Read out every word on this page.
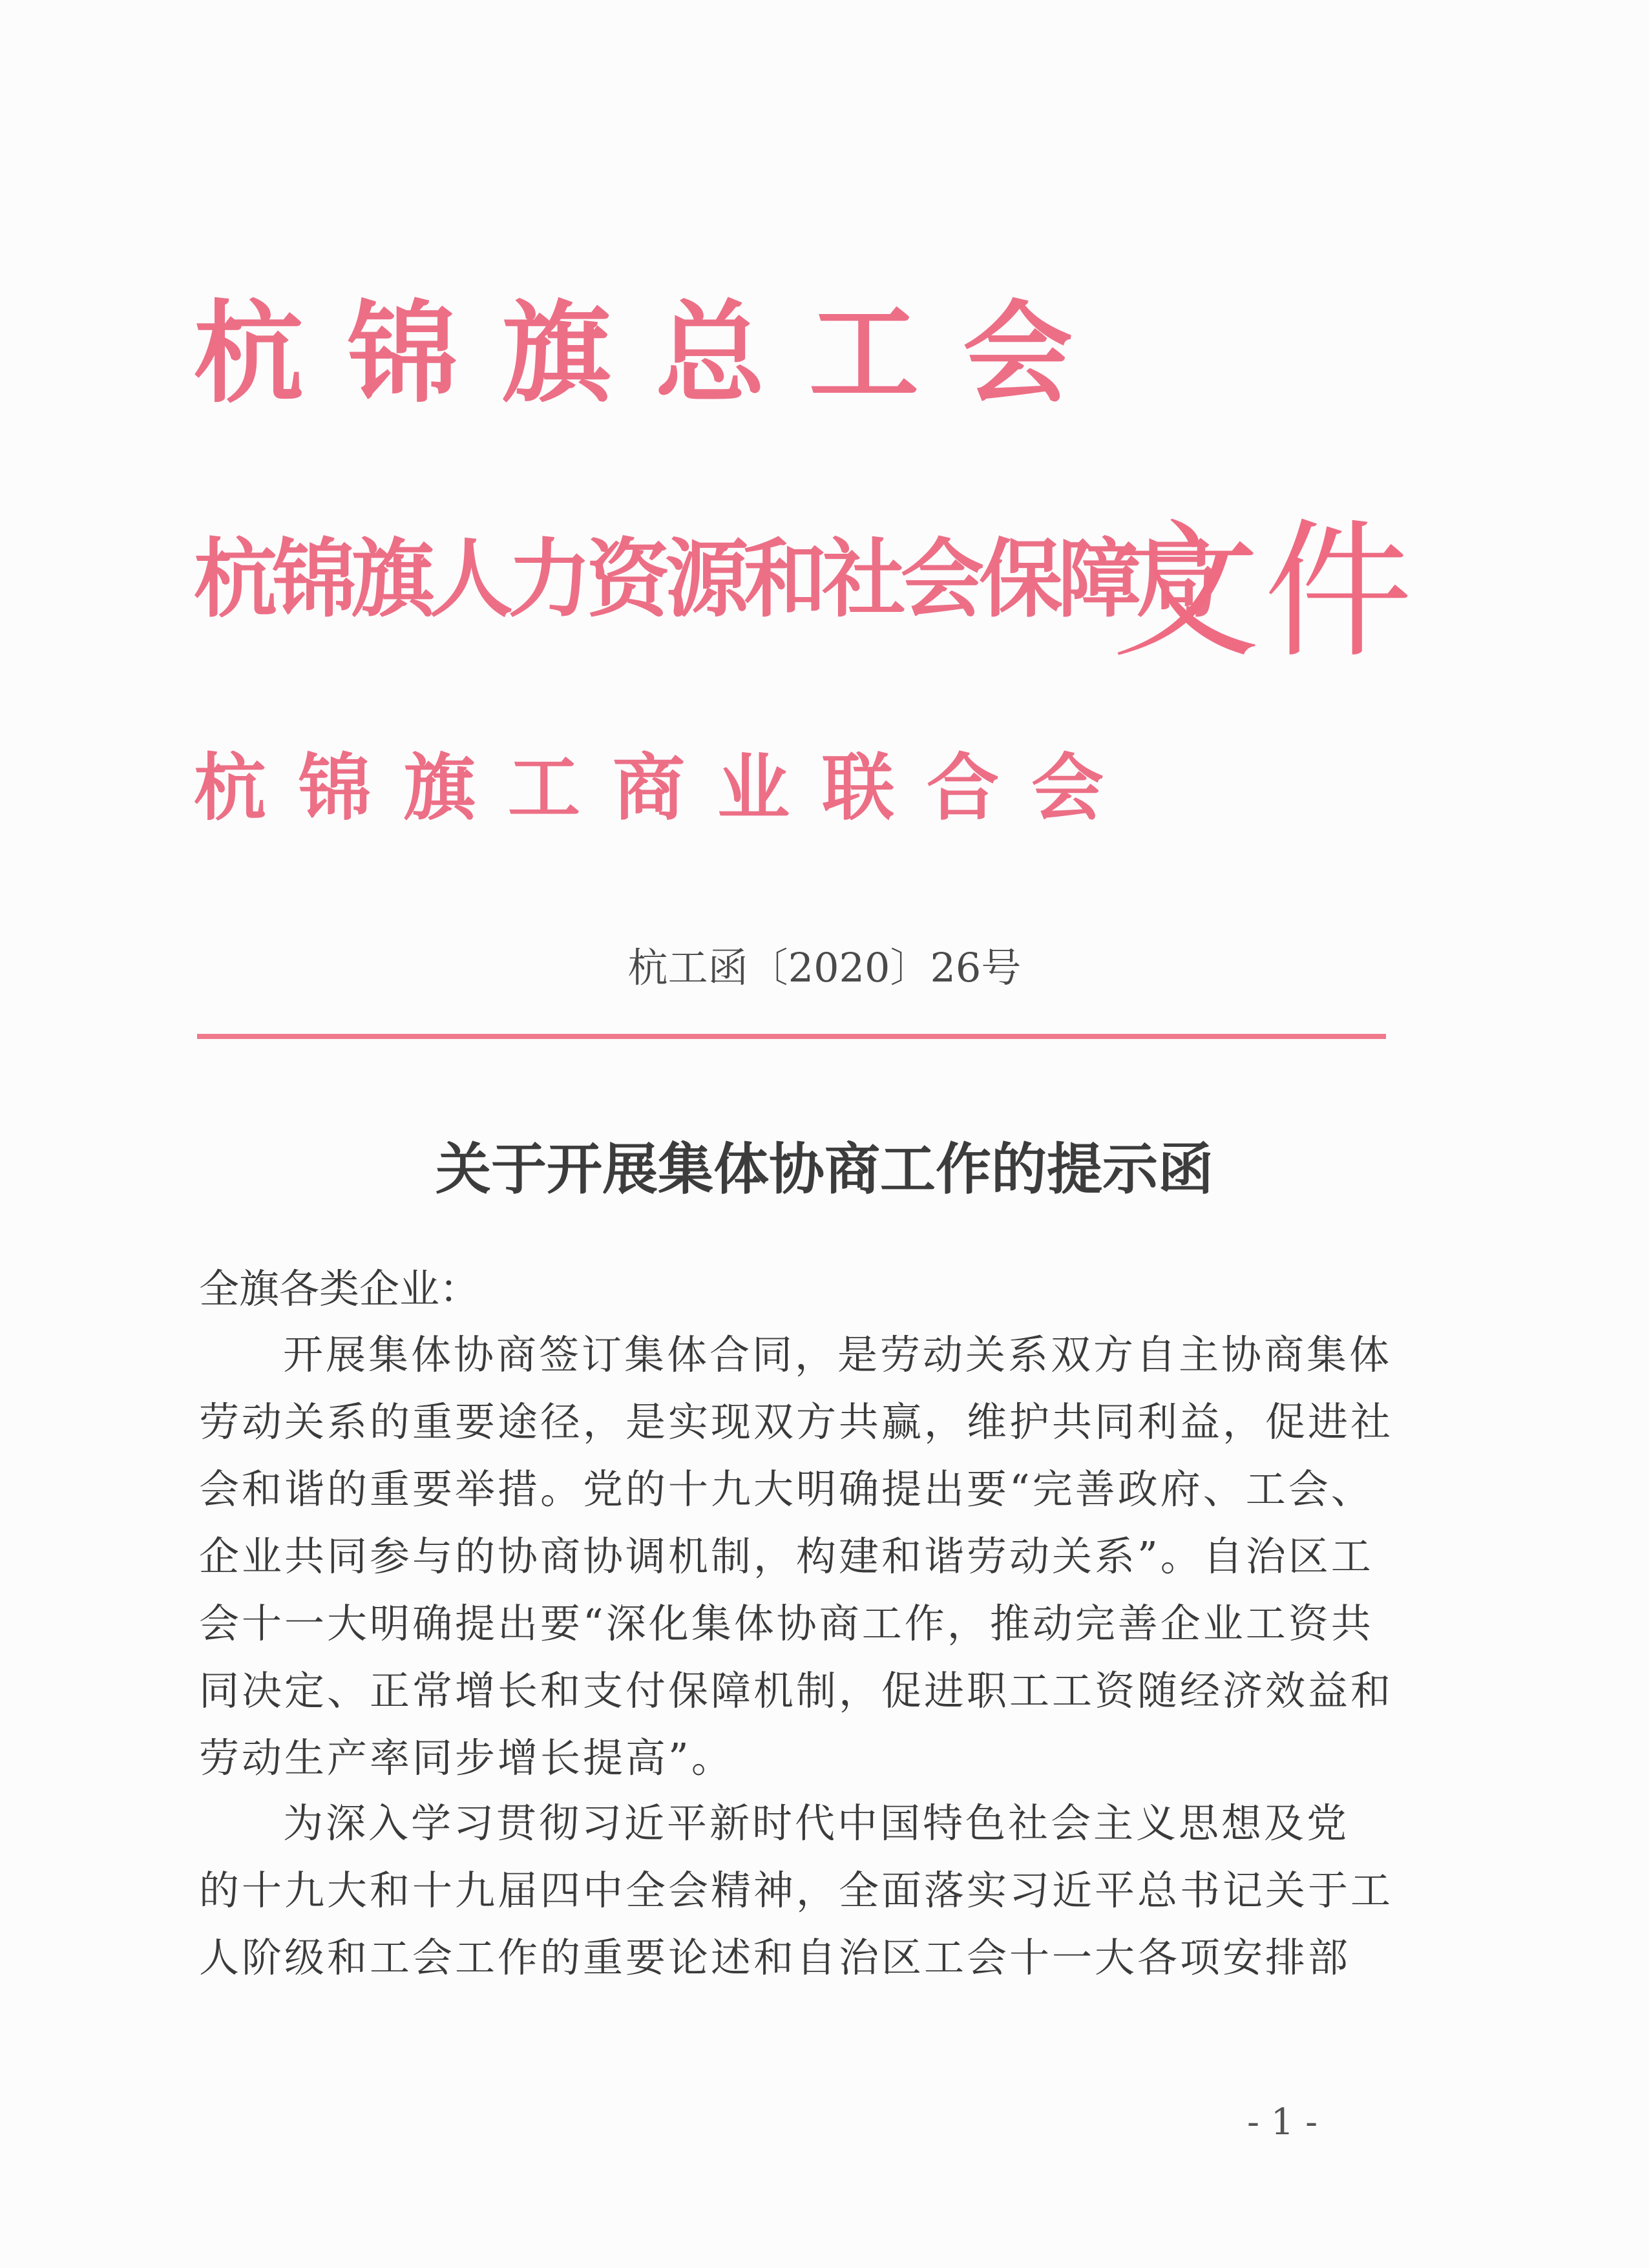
杭锦旗总工会
杭锦旗人力资源和社会保障局
杭锦旗工商业联合会
文件
杭工函〔2020〕26号
关于开展集体协商工作的提示函
全旗各类企业：
开展集体协商签订集体合同，是劳动关系双方自主协商集体
劳动关系的重要途径，是实现双方共赢，维护共同利益，促进社
会和谐的重要举措。党的十九大明确提出要“完善政府、工会、
企业共同参与的协商协调机制，构建和谐劳动关系”。自治区工
会十一大明确提出要“深化集体协商工作，推动完善企业工资共
同决定、正常增长和支付保障机制，促进职工工资随经济效益和
劳动生产率同步增长提高”。
为深入学习贯彻习近平新时代中国特色社会主义思想及党
的十九大和十九届四中全会精神，全面落实习近平总书记关于工
人阶级和工会工作的重要论述和自治区工会十一大各项安排部
- 1 -
